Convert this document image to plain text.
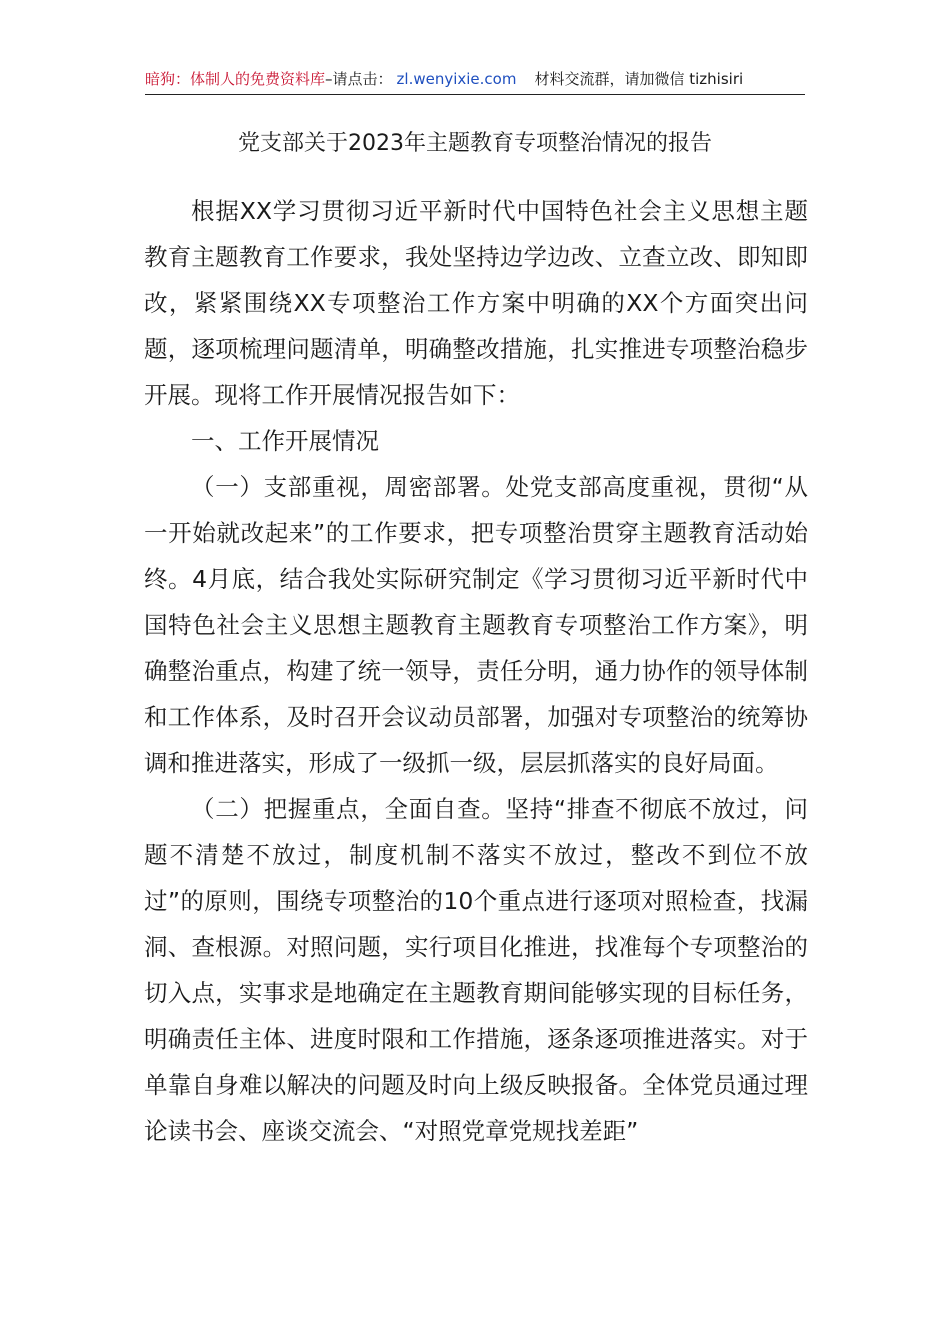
暗狗：体制人的免费资料库–请点击： zl.wenyixie.com 材料交流群，请加微信 tizhisiri
党支部关于2023年主题教育专项整治情况的报告

根据XX学习贯彻习近平新时代中国特色社会主义思想主题教育主题教育工作要求，我处坚持边学边改、立查立改、即知即改，紧紧围绕XX专项整治工作方案中明确的XX个方面突出问题，逐项梳理问题清单，明确整改措施，扎实推进专项整治稳步开展。现将工作开展情况报告如下：

一、工作开展情况

（一）支部重视，周密部署。处党支部高度重视，贯彻“从一开始就改起来”的工作要求，把专项整治贯穿主题教育活动始终。4月底，结合我处实际研究制定《学习贯彻习近平新时代中国特色社会主义思想主题教育主题教育专项整治工作方案》，明确整治重点，构建了统一领导，责任分明，通力协作的领导体制和工作体系，及时召开会议动员部署，加强对专项整治的统筹协调和推进落实，形成了一级抓一级，层层抓落实的良好局面。

（二）把握重点，全面自查。坚持“排查不彻底不放过，问题不清楚不放过，制度机制不落实不放过，整改不到位不放过”的原则，围绕专项整治的10个重点进行逐项对照检查，找漏洞、查根源。对照问题，实行项目化推进，找准每个专项整治的切入点，实事求是地确定在主题教育期间能够实现的目标任务，明确责任主体、进度时限和工作措施，逐条逐项推进落实。对于单靠自身难以解决的问题及时向上级反映报备。全体党员通过理论读书会、座谈交流会、“对照党章党规找差距”
